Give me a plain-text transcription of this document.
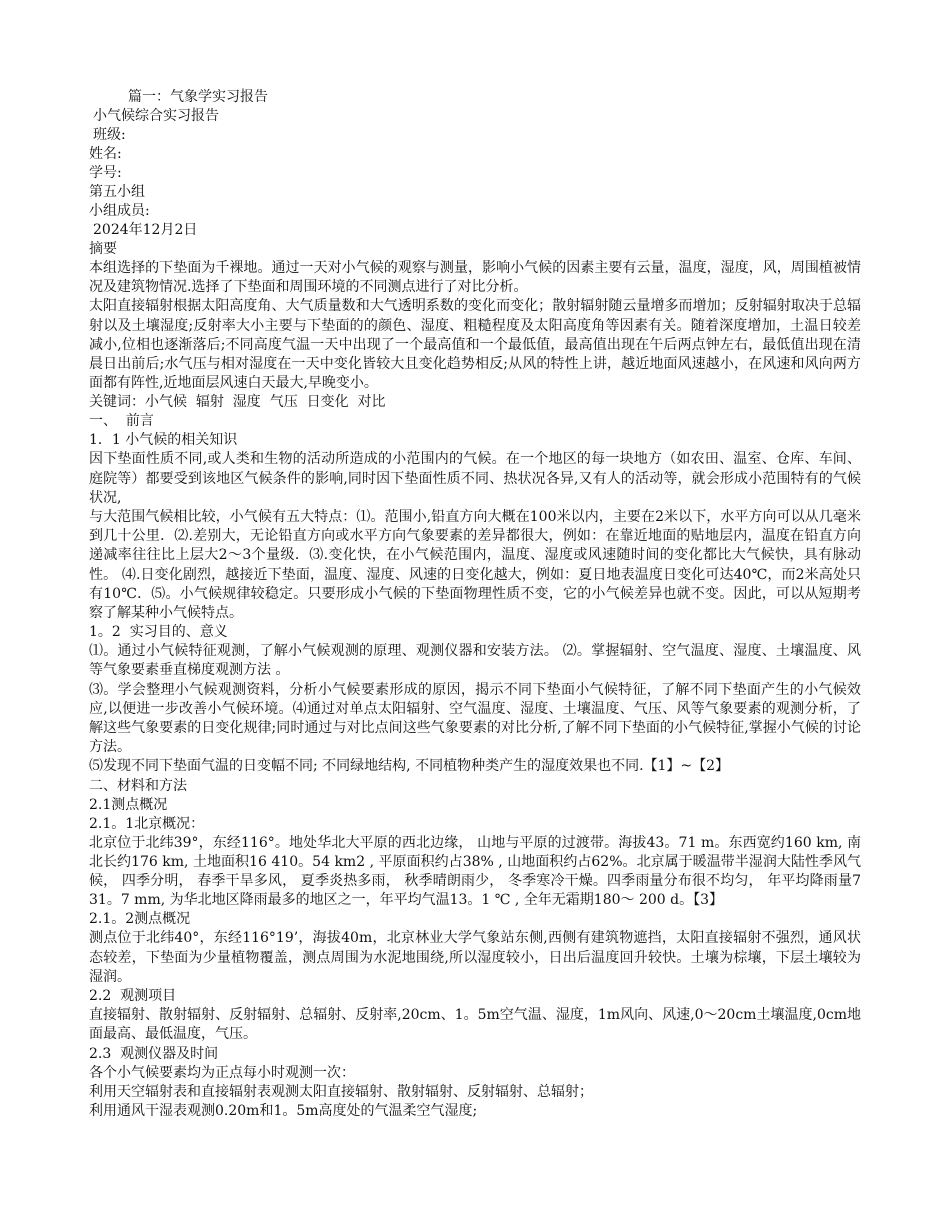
篇一：气象学实习报告

小气候综合实习报告

班级:

姓名:

学号:

第五小组

小组成员:

2024年12月2日

摘要

本组选择的下垫面为千裸地。通过一天对小气候的观察与测量，影响小气候的因素主要有云量，温度，湿度，风，周围植被情况及建筑物情况.选择了下垫面和周围环境的不同测点进行了对比分析。

太阳直接辐射根据太阳高度角、大气质量数和大气透明系数的变化而变化；散射辐射随云量增多而增加；反射辐射取决于总辐射以及土壤湿度;反射率大小主要与下垫面的的颜色、湿度、粗糙程度及太阳高度角等因素有关。随着深度增加，土温日较差减小,位相也逐渐落后;不同高度气温一天中出现了一个最高值和一个最低值，最高值出现在午后两点钟左右，最低值出现在清晨日出前后;水气压与相对湿度在一天中变化皆较大且变化趋势相反;从风的特性上讲，越近地面风速越小，在风速和风向两方面都有阵性,近地面层风速白天最大,早晚变小。

关键词：小气候  辐射  湿度  气压  日变化  对比

一、  前言

1．1 小气候的相关知识

因下垫面性质不同,或人类和生物的活动所造成的小范围内的气候。在一个地区的每一块地方（如农田、温室、仓库、车间、庭院等）都要受到该地区气候条件的影响,同时因下垫面性质不同、热状况各异,又有人的活动等，就会形成小范围特有的气候状况,

与大范围气候相比较，小气候有五大特点：⑴。范围小,铅直方向大概在100米以内，主要在2米以下，水平方向可以从几毫米到几十公里．⑵.差别大，无论铅直方向或水平方向气象要素的差异都很大，例如：在靠近地面的贴地层内，温度在铅直方向递减率往往比上层大2～3个量级．⑶.变化快，在小气候范围内，温度、湿度或风速随时间的变化都比大气候快，具有脉动性。 ⑷.日变化剧烈，越接近下垫面，温度、湿度、风速的日变化越大，例如：夏日地表温度日变化可达40℃，而2米高处只有10℃．⑸。小气候规律较稳定。只要形成小气候的下垫面物理性质不变，它的小气候差异也就不变。因此，可以从短期考察了解某种小气候特点。

1。2  实习目的、意义

⑴。通过小气候特征观测，了解小气候观测的原理、观测仪器和安装方法。 ⑵。掌握辐射、空气温度、湿度、土壤温度、风等气象要素垂直梯度观测方法 。

⑶。学会整理小气候观测资料，分析小气候要素形成的原因，揭示不同下垫面小气候特征，了解不同下垫面产生的小气候效应,以便进一步改善小气候环境。⑷通过对单点太阳辐射、空气温度、湿度、土壤温度、气压、风等气象要素的观测分析，了解这些气象要素的日变化规律;同时通过与对比点间这些气象要素的对比分析,了解不同下垫面的小气候特征,掌握小气候的讨论方法。

⑸发现不同下垫面气温的日变幅不同; 不同绿地结构, 不同植物种类产生的湿度效果也不同.【1】~【2】

二、材料和方法

2.1测点概况

2.1。1北京概况：

北京位于北纬39°，东经116°。地处华北大平原的西北边缘， 山地与平原的过渡带。海拔43。71 m。东西宽约160 km, 南北长约176 km, 土地面积16 410。54 km2 , 平原面积约占38% , 山地面积约占62%。北京属于暖温带半湿润大陆性季风气候， 四季分明， 春季干旱多风， 夏季炎热多雨， 秋季晴朗雨少， 冬季寒冷干燥。四季雨量分布很不均匀， 年平均降雨量731。7 mm, 为华北地区降雨最多的地区之一，年平均气温13。1 ℃ , 全年无霜期180～ 200 d。【3】

2.1。2测点概况

测点位于北纬40°，东经116°19’，海拔40m，北京林业大学气象站东侧,西侧有建筑物遮挡，太阳直接辐射不强烈，通风状态较差，下垫面为少量植物覆盖，测点周围为水泥地围绕,所以湿度较小，日出后温度回升较快。土壤为棕壤，下层土壤较为湿润。

2.2  观测项目

直接辐射、散射辐射、反射辐射、总辐射、反射率,20cm、1。5m空气温、湿度，1m风向、风速,0～20cm土壤温度,0cm地面最高、最低温度，气压。

2.3  观测仪器及时间

各个小气候要素均为正点每小时观测一次：

利用天空辐射表和直接辐射表观测太阳直接辐射、散射辐射、反射辐射、总辐射；

利用通风干湿表观测0.20m和1。5m高度处的气温柔空气湿度;
